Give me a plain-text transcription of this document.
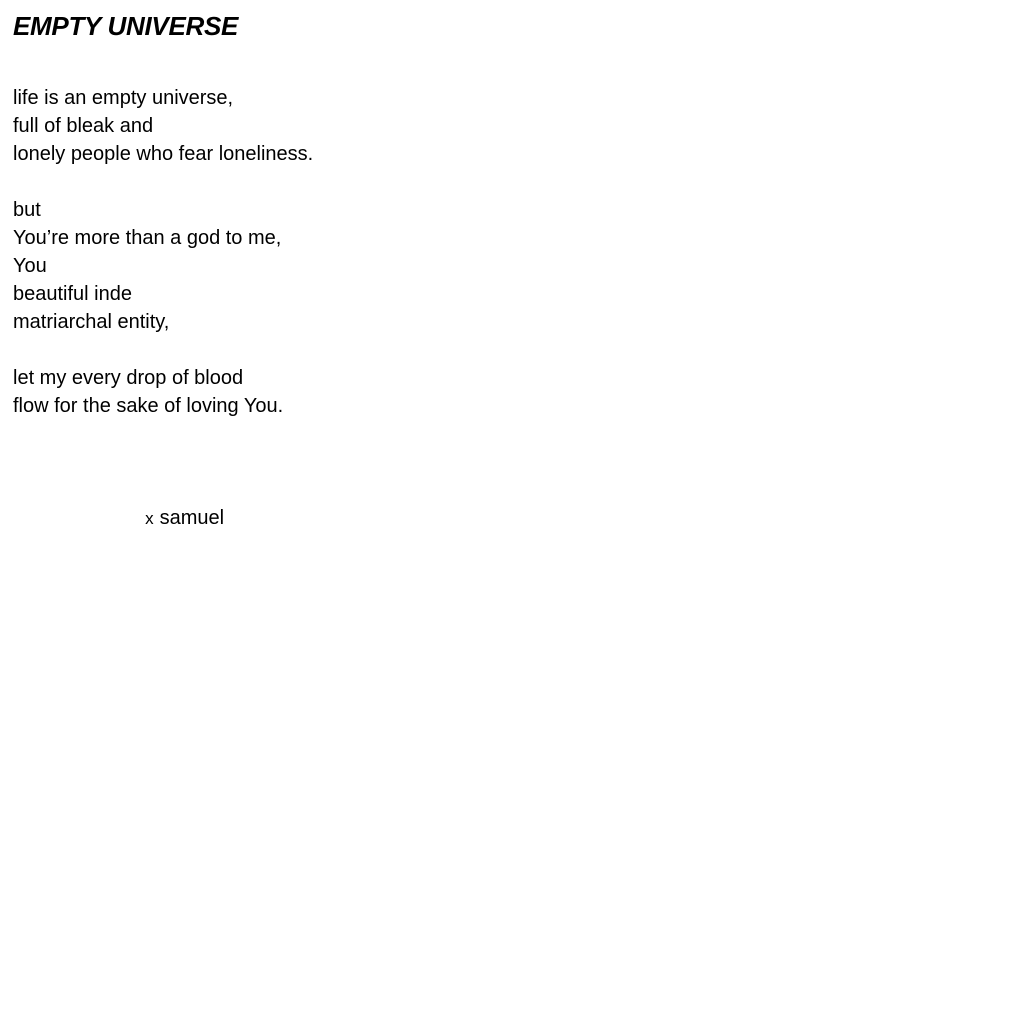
EMPTY UNIVERSE
life is an empty universe,
full of bleak and
lonely people who fear loneliness.
but
You’re more than a god to me,
You
beautiful inde
matriarchal entity,
let my every drop of blood
flow for the sake of loving You.

x samuel
